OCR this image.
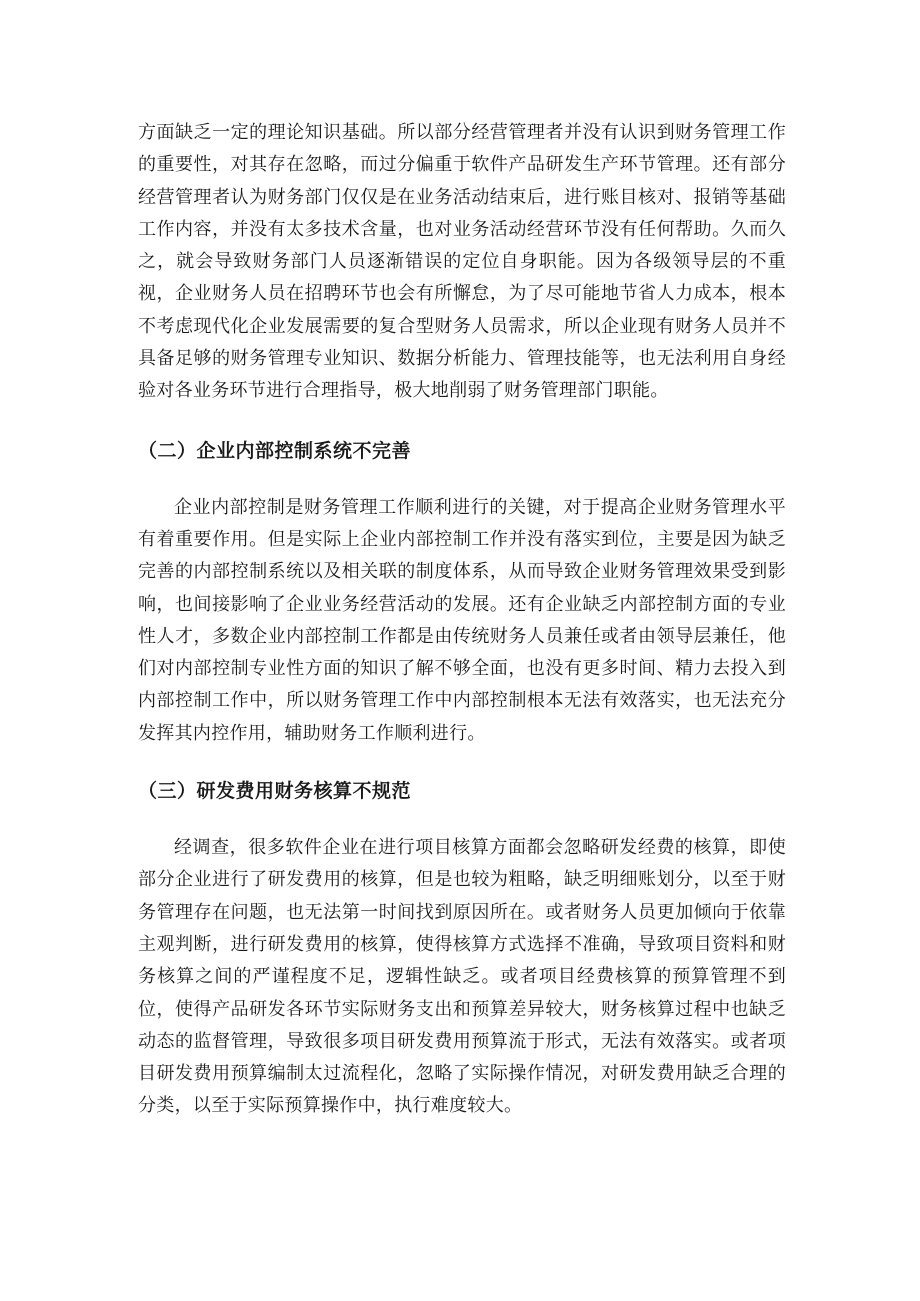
方面缺乏一定的理论知识基础。所以部分经营管理者并没有认识到财务管理工作的重要性，对其存在忽略，而过分偏重于软件产品研发生产环节管理。还有部分经营管理者认为财务部门仅仅是在业务活动结束后，进行账目核对、报销等基础工作内容，并没有太多技术含量，也对业务活动经营环节没有任何帮助。久而久之，就会导致财务部门人员逐渐错误的定位自身职能。因为各级领导层的不重视，企业财务人员在招聘环节也会有所懈怠，为了尽可能地节省人力成本，根本不考虑现代化企业发展需要的复合型财务人员需求，所以企业现有财务人员并不具备足够的财务管理专业知识、数据分析能力、管理技能等，也无法利用自身经验对各业务环节进行合理指导，极大地削弱了财务管理部门职能。

（二）企业内部控制系统不完善

企业内部控制是财务管理工作顺利进行的关键，对于提高企业财务管理水平有着重要作用。但是实际上企业内部控制工作并没有落实到位，主要是因为缺乏完善的内部控制系统以及相关联的制度体系，从而导致企业财务管理效果受到影响，也间接影响了企业业务经营活动的发展。还有企业缺乏内部控制方面的专业性人才，多数企业内部控制工作都是由传统财务人员兼任或者由领导层兼任，他们对内部控制专业性方面的知识了解不够全面，也没有更多时间、精力去投入到内部控制工作中，所以财务管理工作中内部控制根本无法有效落实，也无法充分发挥其内控作用，辅助财务工作顺利进行。

（三）研发费用财务核算不规范

经调查，很多软件企业在进行项目核算方面都会忽略研发经费的核算，即使部分企业进行了研发费用的核算，但是也较为粗略，缺乏明细账划分，以至于财务管理存在问题，也无法第一时间找到原因所在。或者财务人员更加倾向于依靠主观判断，进行研发费用的核算，使得核算方式选择不准确，导致项目资料和财务核算之间的严谨程度不足，逻辑性缺乏。或者项目经费核算的预算管理不到位，使得产品研发各环节实际财务支出和预算差异较大，财务核算过程中也缺乏动态的监督管理，导致很多项目研发费用预算流于形式，无法有效落实。或者项目研发费用预算编制太过流程化，忽略了实际操作情况，对研发费用缺乏合理的分类，以至于实际预算操作中，执行难度较大。
